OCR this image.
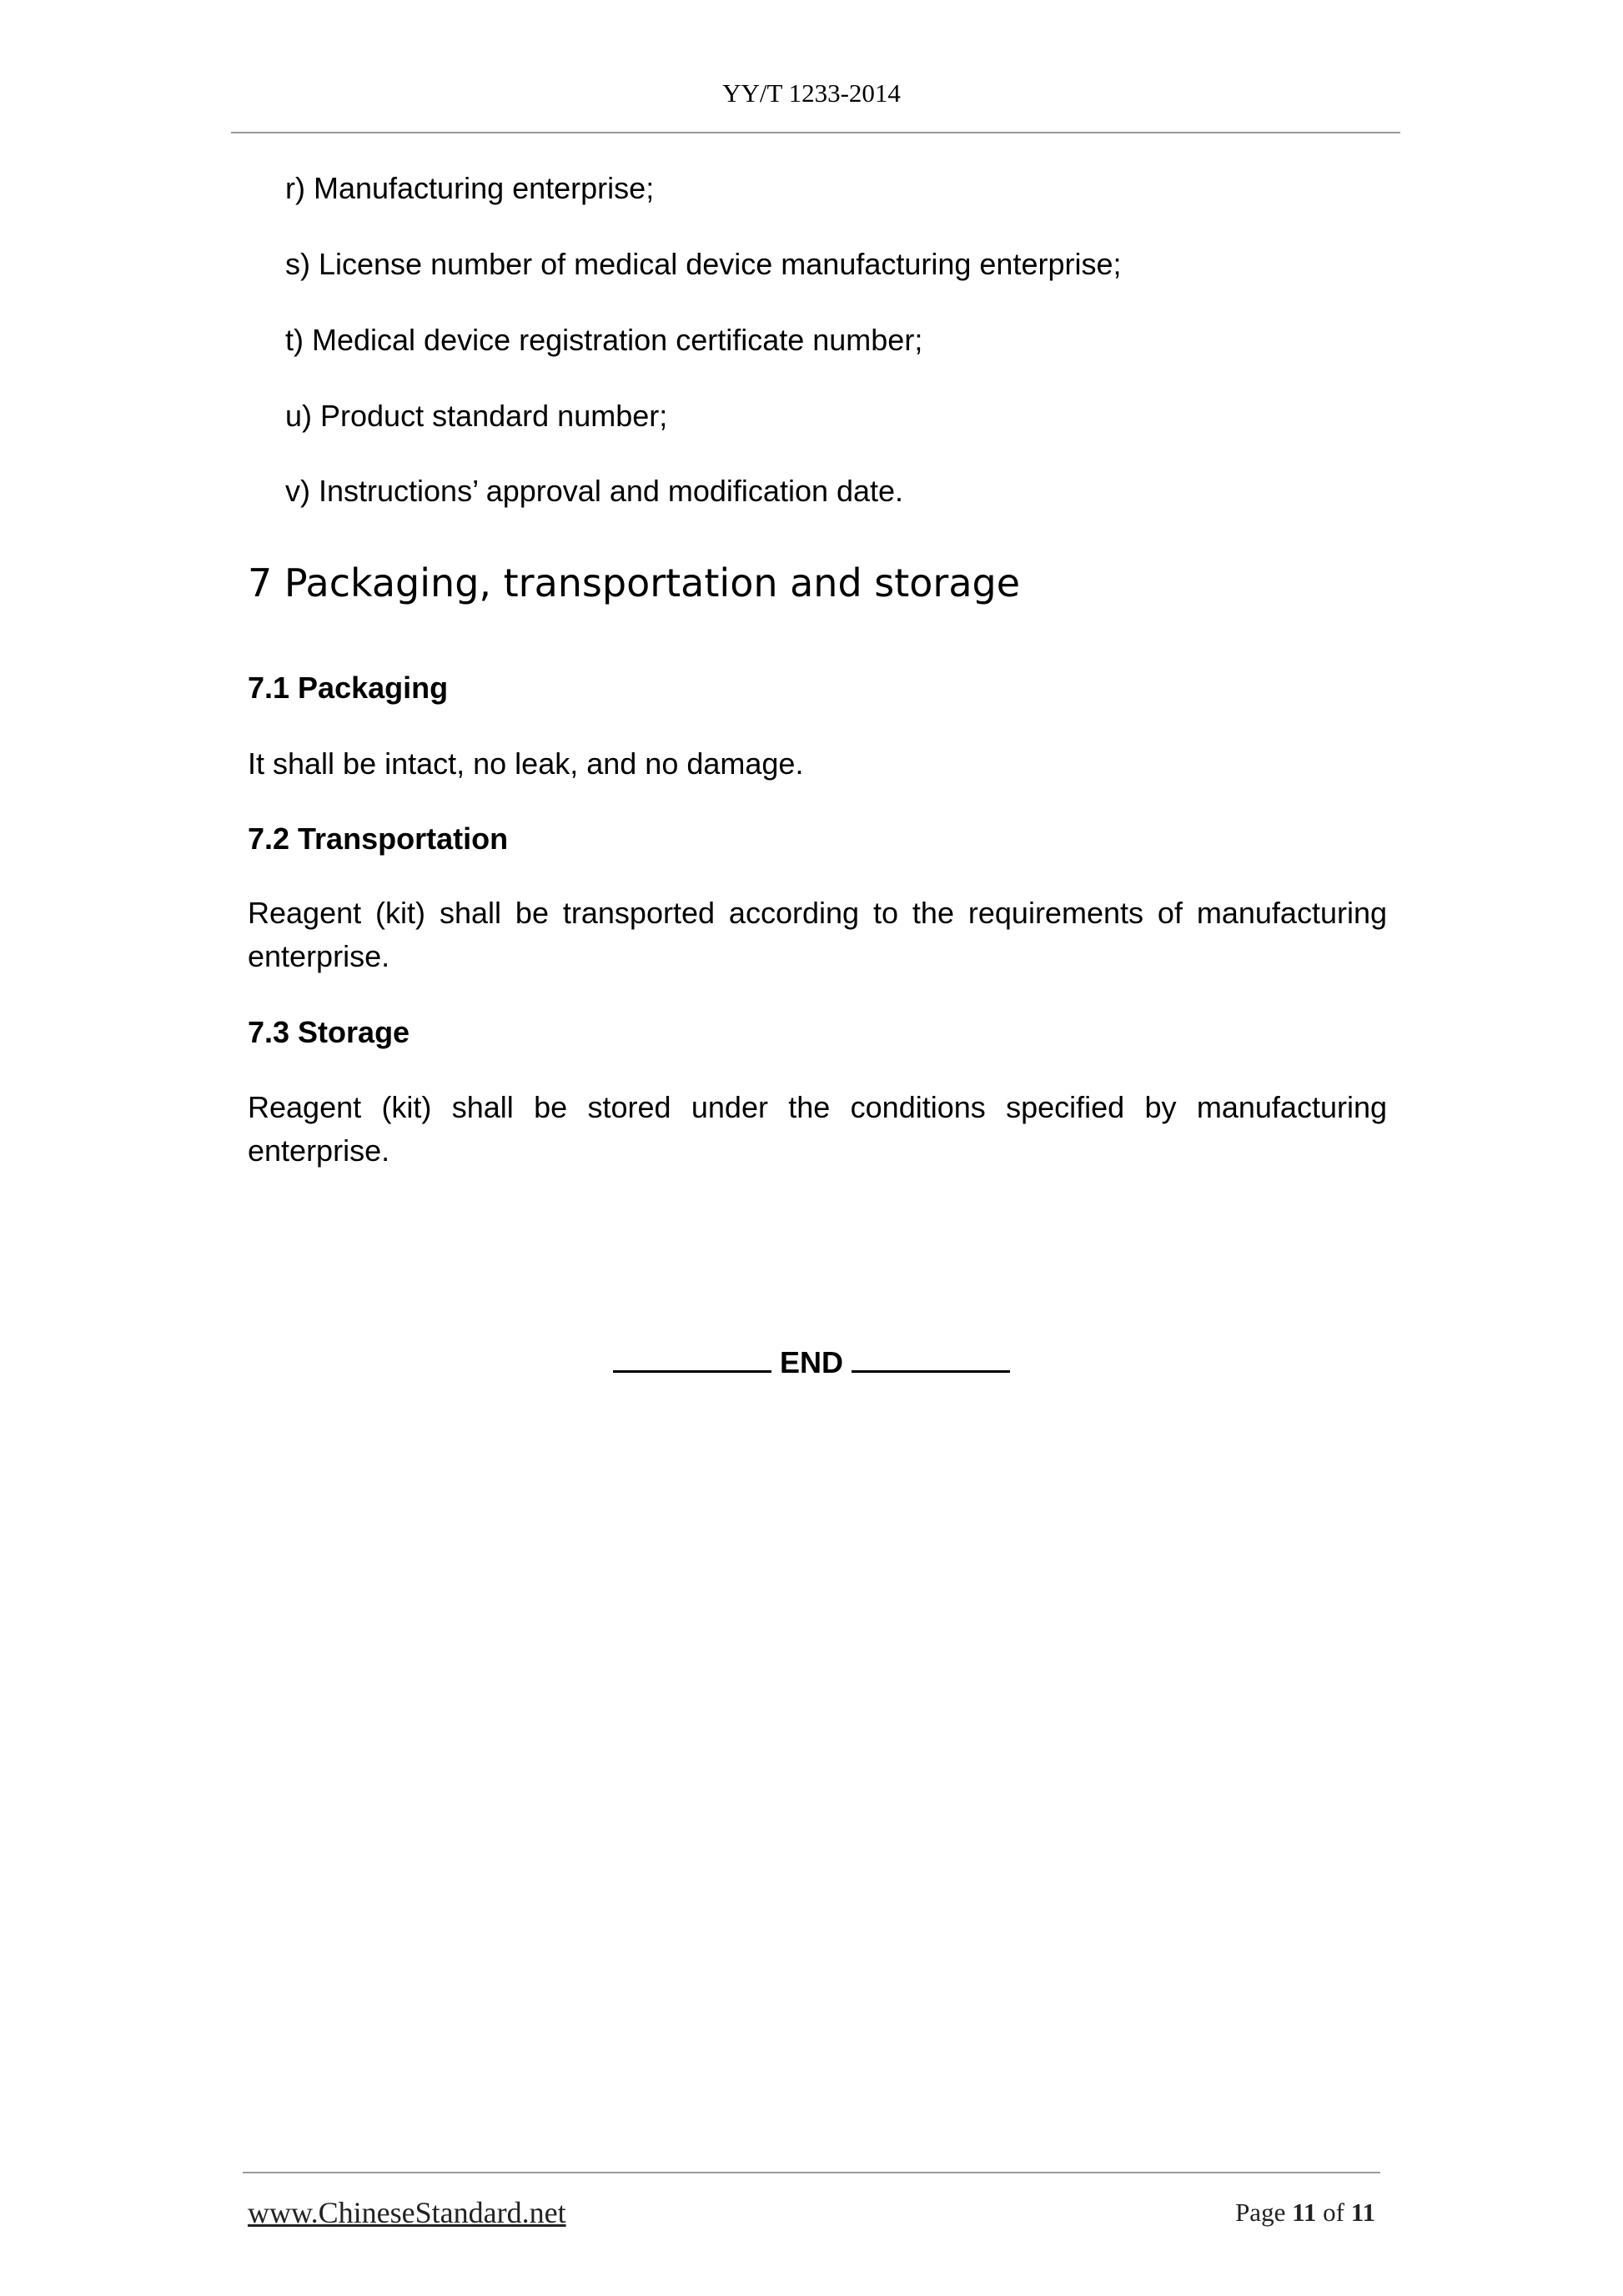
YY/T 1233-2014
r) Manufacturing enterprise;
s) License number of medical device manufacturing enterprise;
t) Medical device registration certificate number;
u) Product standard number;
v) Instructions’ approval and modification date.
7 Packaging, transportation and storage
7.1 Packaging
It shall be intact, no leak, and no damage.
7.2 Transportation
Reagent (kit) shall be transported according to the requirements of manufacturing
enterprise.
7.3 Storage
Reagent (kit) shall be stored under the conditions specified by manufacturing
enterprise.
END
www.ChineseStandard.net	Page 11 of 11
